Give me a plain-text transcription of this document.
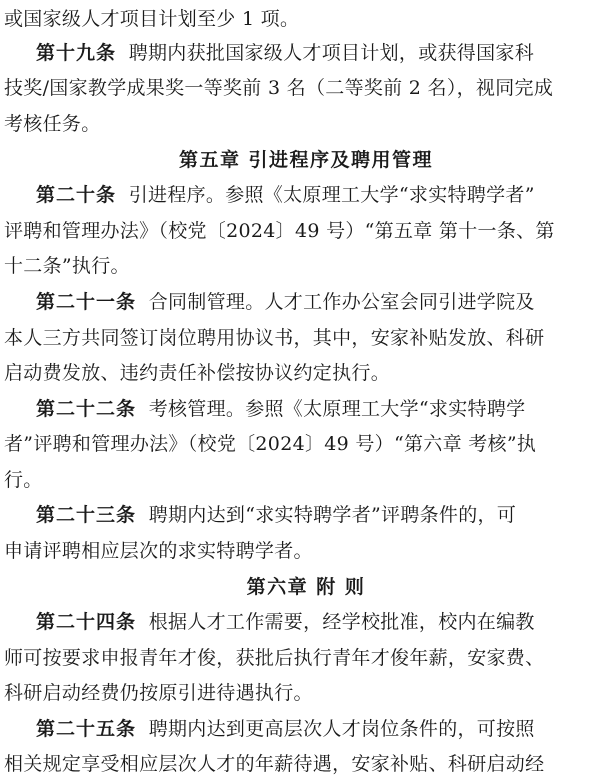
或国家级人才项目计划至少 1 项。
第十九条 聘期内获批国家级人才项目计划，或获得国家科
技奖/国家教学成果奖一等奖前 3 名（二等奖前 2 名），视同完成
考核任务。
第五章 引进程序及聘用管理
第二十条 引进程序。参照《太原理工大学“求实特聘学者”
评聘和管理办法》（校党〔2024〕49 号）“第五章 第十一条、第
十二条”执行。
第二十一条 合同制管理。人才工作办公室会同引进学院及
本人三方共同签订岗位聘用协议书，其中，安家补贴发放、科研
启动费发放、违约责任补偿按协议约定执行。
第二十二条 考核管理。参照《太原理工大学“求实特聘学
者”评聘和管理办法》（校党〔2024〕49 号）“第六章 考核”执
行。
第二十三条 聘期内达到“求实特聘学者”评聘条件的，可
申请评聘相应层次的求实特聘学者。
第六章 附 则
第二十四条 根据人才工作需要，经学校批准，校内在编教
师可按要求申报青年才俊，获批后执行青年才俊年薪，安家费、
科研启动经费仍按原引进待遇执行。
第二十五条 聘期内达到更高层次人才岗位条件的，可按照
相关规定享受相应层次人才的年薪待遇，安家补贴、科研启动经
